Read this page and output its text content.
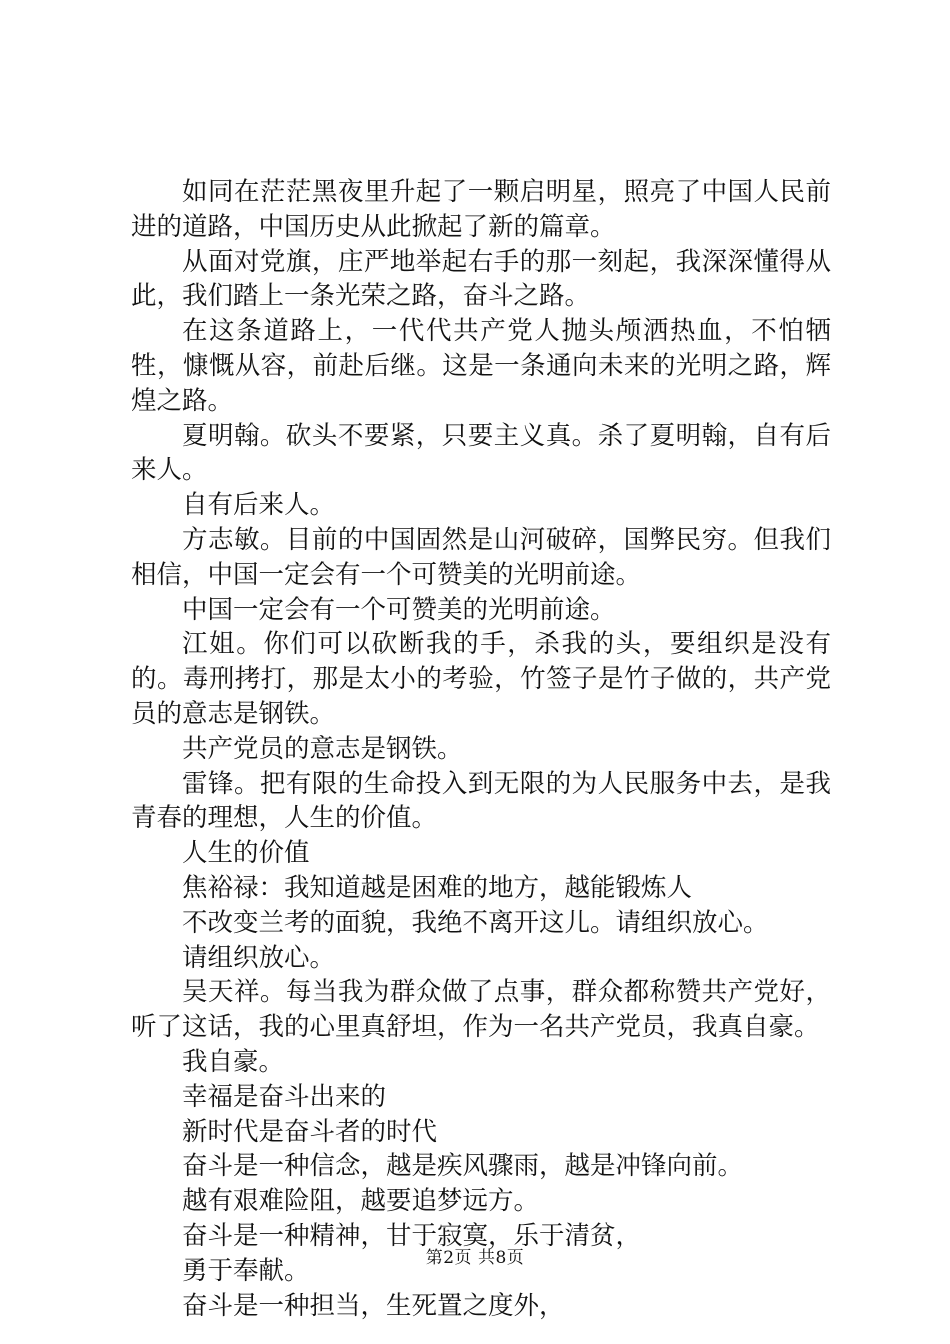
如同在茫茫黑夜里升起了一颗启明星，照亮了中国人民前进的道路，中国历史从此掀起了新的篇章。

从面对党旗，庄严地举起右手的那一刻起，我深深懂得从此，我们踏上一条光荣之路，奋斗之路。

在这条道路上，一代代共产党人抛头颅洒热血，不怕牺牲，慷慨从容，前赴后继。这是一条通向未来的光明之路，辉煌之路。

夏明翰。砍头不要紧，只要主义真。杀了夏明翰，自有后来人。

自有后来人。

方志敏。目前的中国固然是山河破碎，国弊民穷。但我们相信，中国一定会有一个可赞美的光明前途。

中国一定会有一个可赞美的光明前途。

江姐。你们可以砍断我的手，杀我的头，要组织是没有的。毒刑拷打，那是太小的考验，竹签子是竹子做的，共产党员的意志是钢铁。

共产党员的意志是钢铁。

雷锋。把有限的生命投入到无限的为人民服务中去，是我青春的理想，人生的价值。

人生的价值

焦裕禄：我知道越是困难的地方，越能锻炼人

不改变兰考的面貌，我绝不离开这儿。请组织放心。

请组织放心。

吴天祥。每当我为群众做了点事，群众都称赞共产党好，听了这话，我的心里真舒坦，作为一名共产党员，我真自豪。

我自豪。

幸福是奋斗出来的

新时代是奋斗者的时代

奋斗是一种信念，越是疾风骤雨，越是冲锋向前。

越有艰难险阻，越要追梦远方。

奋斗是一种精神，甘于寂寞，乐于清贫，

勇于奉献。

奋斗是一种担当，生死置之度外，

第2页 共8页
